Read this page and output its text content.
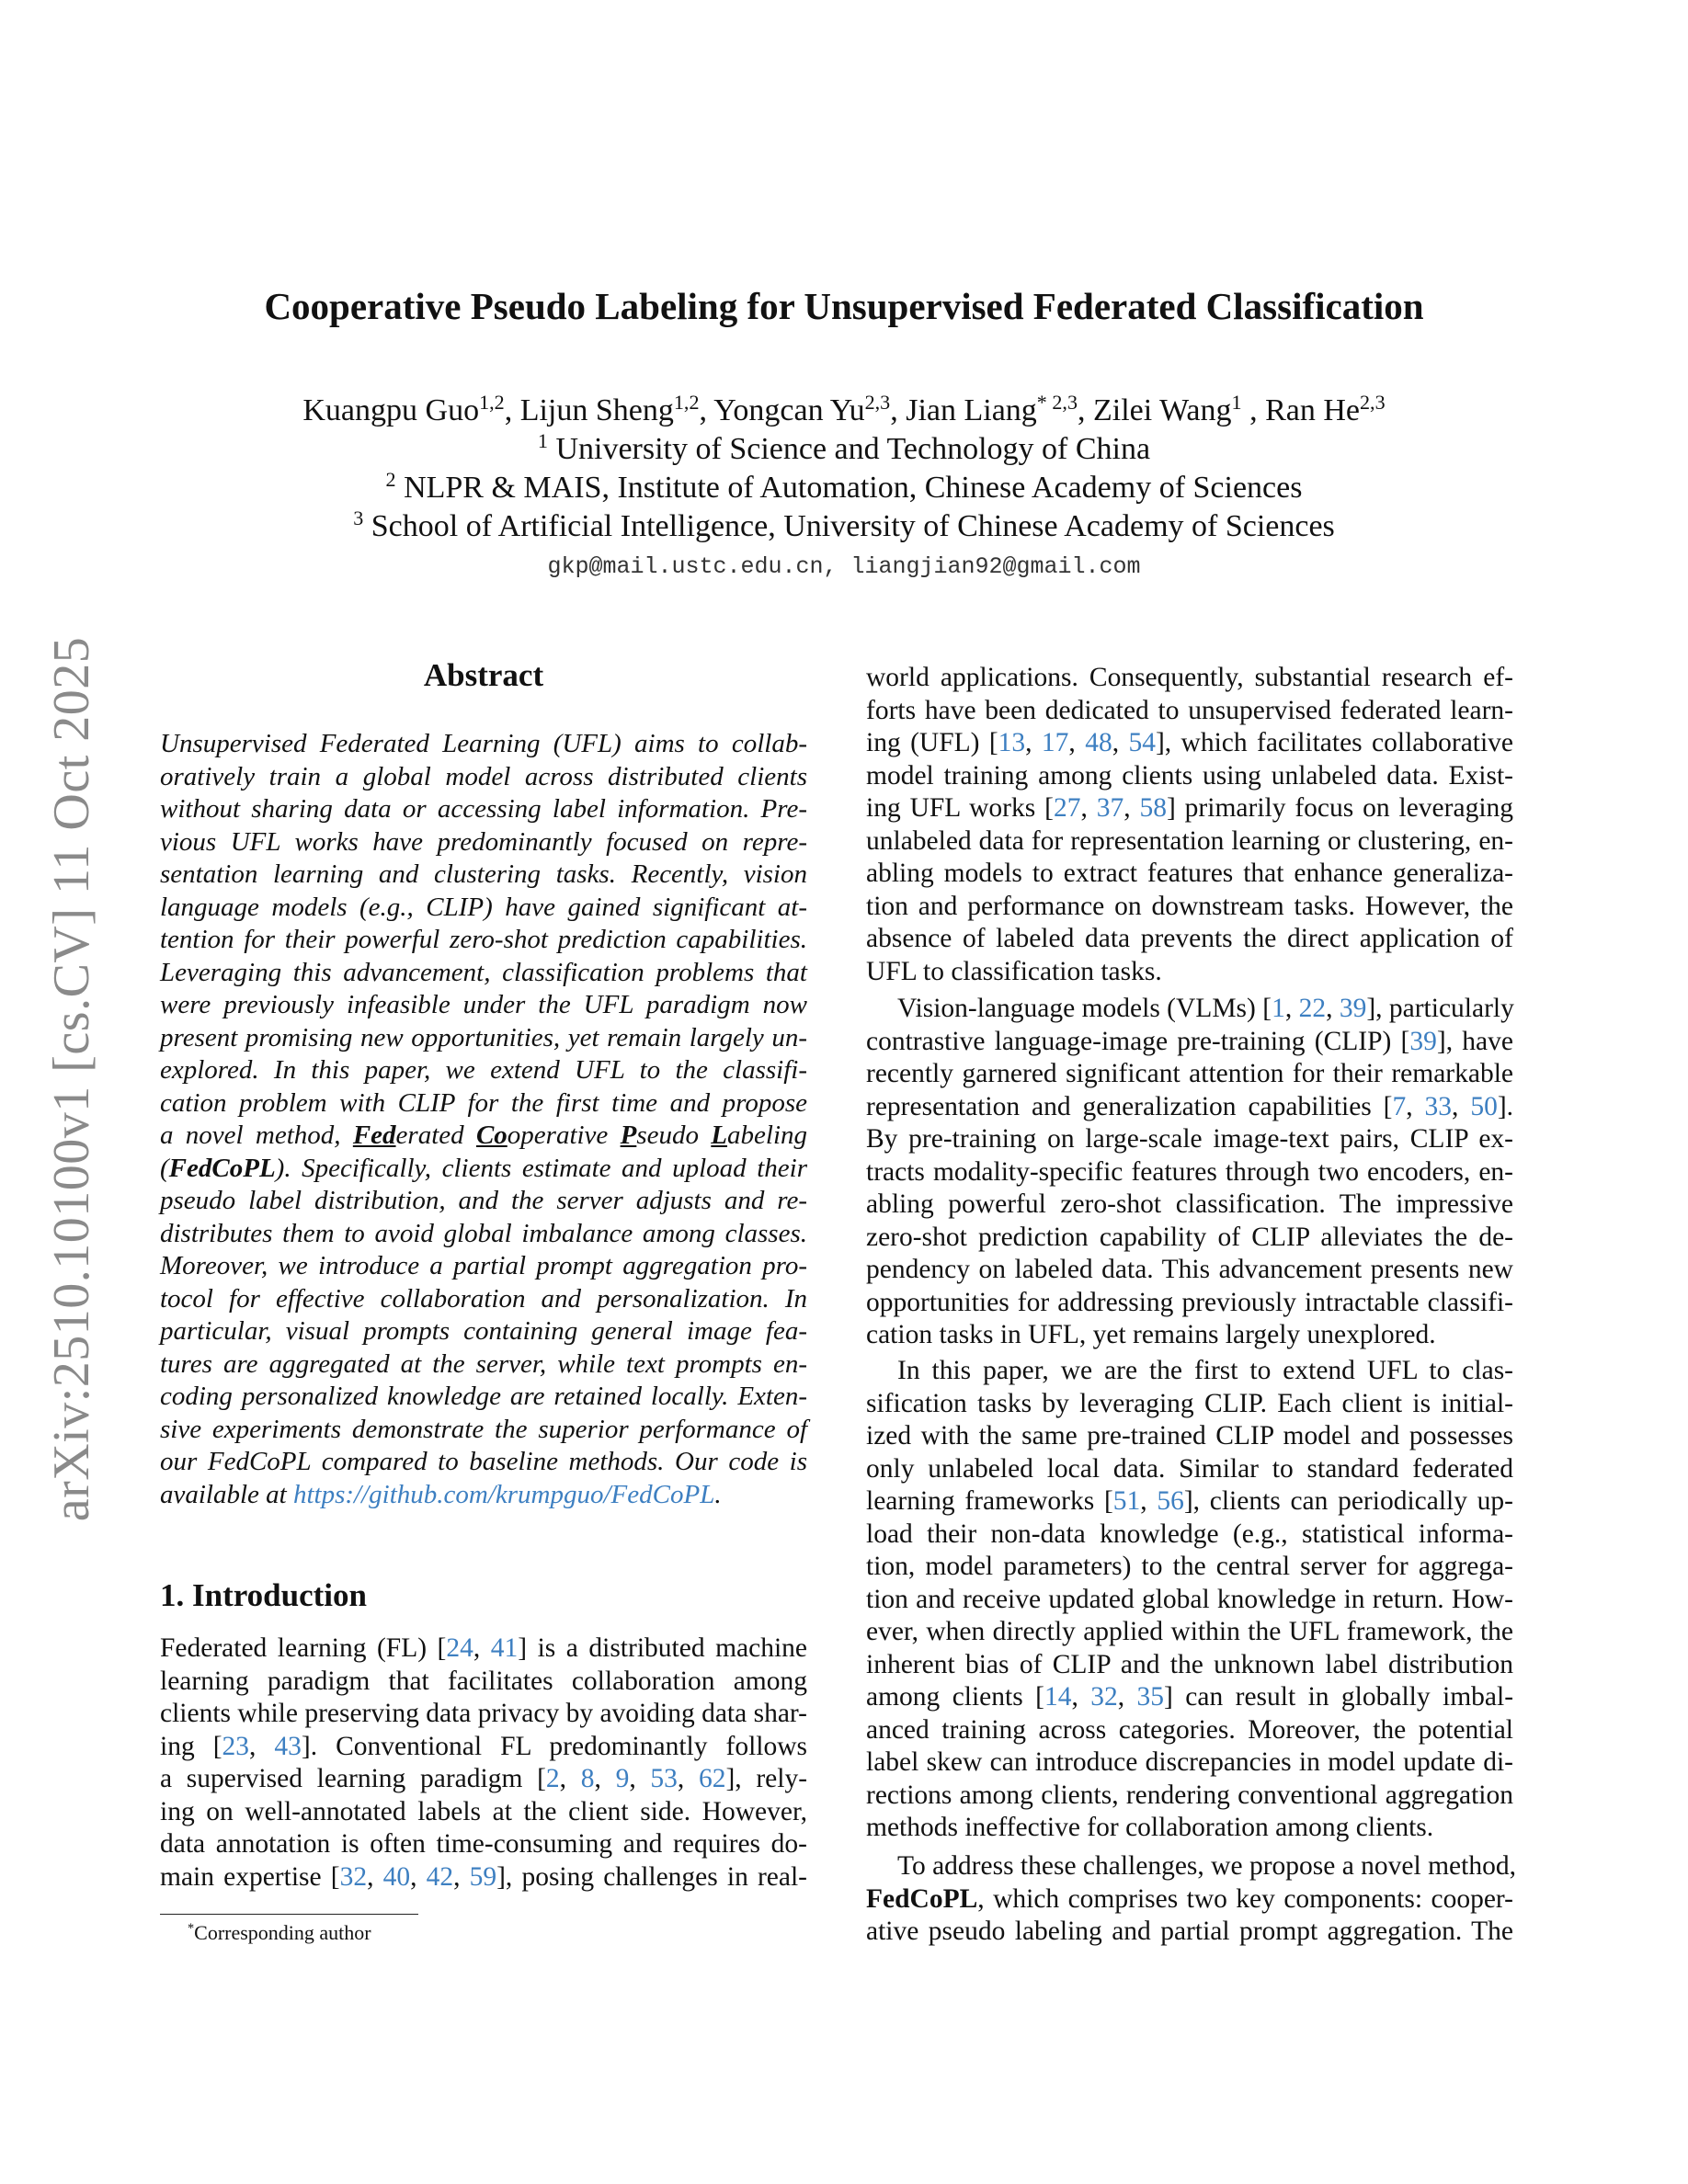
arXiv:2510.10100v1 [cs.CV] 11 Oct 2025
Cooperative Pseudo Labeling for Unsupervised Federated Classification
Kuangpu Guo$^{1,2}$, Lijun Sheng$^{1,2}$, Yongcan Yu$^{2,3}$, Jian Liang$^{* 2,3}$, Zilei Wang$^1$ , Ran He$^{2,3}$
$^1$ University of Science and Technology of China
$^2$ NLPR & MAIS, Institute of Automation, Chinese Academy of Sciences
$^3$ School of Artificial Intelligence, University of Chinese Academy of Sciences
gkp@mail.ustc.edu.cn, liangjian92@gmail.com
Abstract
Unsupervised Federated Learning (UFL) aims to collab-
oratively train a global model across distributed clients
without sharing data or accessing label information. Pre-
vious UFL works have predominantly focused on repre-
sentation learning and clustering tasks. Recently, vision
language models (e.g., CLIP) have gained significant at-
tention for their powerful zero-shot prediction capabilities.
Leveraging this advancement, classification problems that
were previously infeasible under the UFL paradigm now
present promising new opportunities, yet remain largely un-
explored. In this paper, we extend UFL to the classifi-
cation problem with CLIP for the first time and propose
a novel method, Federated Cooperative Pseudo Labeling
(FedCoPL). Specifically, clients estimate and upload their
pseudo label distribution, and the server adjusts and re-
distributes them to avoid global imbalance among classes.
Moreover, we introduce a partial prompt aggregation pro-
tocol for effective collaboration and personalization. In
particular, visual prompts containing general image fea-
tures are aggregated at the server, while text prompts en-
coding personalized knowledge are retained locally. Exten-
sive experiments demonstrate the superior performance of
our FedCoPL compared to baseline methods. Our code is
available at https://github.com/krumpguo/FedCoPL.
1. Introduction
Federated learning (FL) [24, 41] is a distributed machine
learning paradigm that facilitates collaboration among
clients while preserving data privacy by avoiding data shar-
ing [23, 43]. Conventional FL predominantly follows
a supervised learning paradigm [2, 8, 9, 53, 62], rely-
ing on well-annotated labels at the client side. However,
data annotation is often time-consuming and requires do-
main expertise [32, 40, 42, 59], posing challenges in real-
*Corresponding author
world applications. Consequently, substantial research ef-
forts have been dedicated to unsupervised federated learn-
ing (UFL) [13, 17, 48, 54], which facilitates collaborative
model training among clients using unlabeled data. Exist-
ing UFL works [27, 37, 58] primarily focus on leveraging
unlabeled data for representation learning or clustering, en-
abling models to extract features that enhance generaliza-
tion and performance on downstream tasks. However, the
absence of labeled data prevents the direct application of
UFL to classification tasks.
Vision-language models (VLMs) [1, 22, 39], particularly
contrastive language-image pre-training (CLIP) [39], have
recently garnered significant attention for their remarkable
representation and generalization capabilities [7, 33, 50].
By pre-training on large-scale image-text pairs, CLIP ex-
tracts modality-specific features through two encoders, en-
abling powerful zero-shot classification. The impressive
zero-shot prediction capability of CLIP alleviates the de-
pendency on labeled data. This advancement presents new
opportunities for addressing previously intractable classifi-
cation tasks in UFL, yet remains largely unexplored.
In this paper, we are the first to extend UFL to clas-
sification tasks by leveraging CLIP. Each client is initial-
ized with the same pre-trained CLIP model and possesses
only unlabeled local data. Similar to standard federated
learning frameworks [51, 56], clients can periodically up-
load their non-data knowledge (e.g., statistical informa-
tion, model parameters) to the central server for aggrega-
tion and receive updated global knowledge in return. How-
ever, when directly applied within the UFL framework, the
inherent bias of CLIP and the unknown label distribution
among clients [14, 32, 35] can result in globally imbal-
anced training across categories. Moreover, the potential
label skew can introduce discrepancies in model update di-
rections among clients, rendering conventional aggregation
methods ineffective for collaboration among clients.
To address these challenges, we propose a novel method,
FedCoPL, which comprises two key components: cooper-
ative pseudo labeling and partial prompt aggregation. The
